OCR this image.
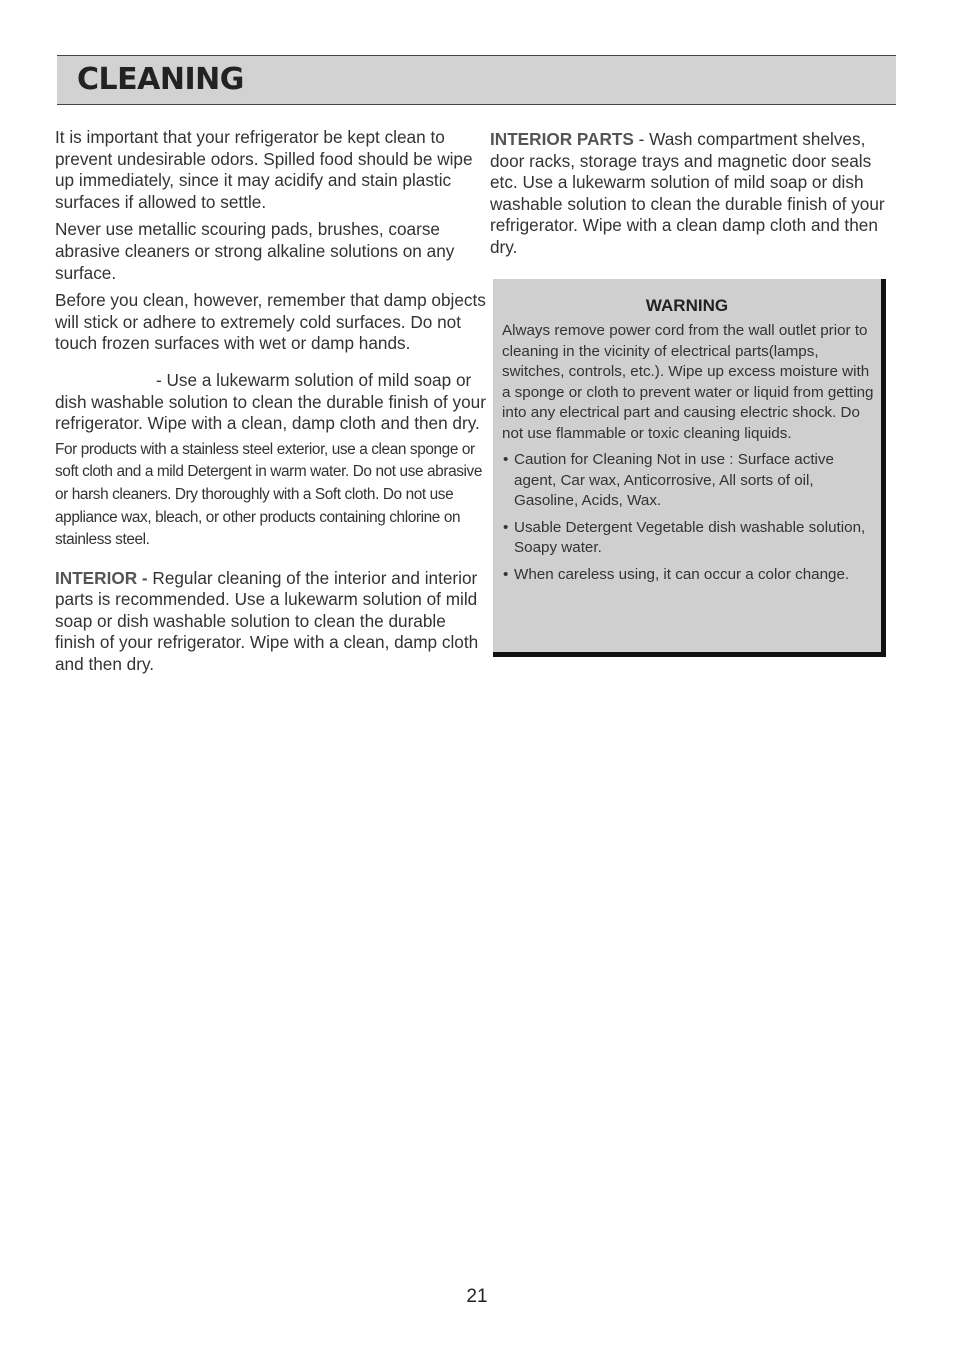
CLEANING

It is important that your refrigerator be kept clean to prevent undesirable odors. Spilled food should be wipe up immediately, since it may acidify and stain plastic surfaces if allowed to settle.

Never use metallic scouring pads, brushes, coarse abrasive cleaners or strong alkaline solutions on any surface.

Before you clean, however, remember that damp objects will stick or adhere to extremely cold surfaces. Do not touch frozen surfaces with wet or damp hands.

- Use a lukewarm solution of mild soap or dish washable solution to clean the durable finish of your refrigerator. Wipe with a clean, damp cloth and then dry.

For products with a stainless steel exterior, use a clean sponge or soft cloth and a mild Detergent in warm water. Do not use abrasive or harsh cleaners. Dry thoroughly with a Soft cloth. Do not use appliance wax, bleach, or other products containing chlorine on stainless steel.

INTERIOR - Regular cleaning of the interior and interior parts is recommended. Use a lukewarm solution of mild soap or dish washable solution to clean the durable finish of your refrigerator. Wipe with a clean, damp cloth and then dry.

INTERIOR PARTS - Wash compartment shelves, door racks, storage trays and magnetic door seals etc. Use a lukewarm solution of mild soap or dish washable solution to clean the durable finish of your refrigerator. Wipe with a clean damp cloth and then dry.

WARNING

Always remove power cord from the wall outlet prior to cleaning in the vicinity of electrical parts(lamps, switches, controls, etc.). Wipe up excess moisture with a sponge or cloth to prevent water or liquid from getting into any electrical part and causing electric shock. Do not use flammable or toxic cleaning liquids.

• Caution for Cleaning Not in use : Surface active agent, Car wax, Anticorrosive, All sorts of oil, Gasoline, Acids, Wax.
• Usable Detergent Vegetable dish washable solution, Soapy water.
• When careless using, it can occur a color change.
21
